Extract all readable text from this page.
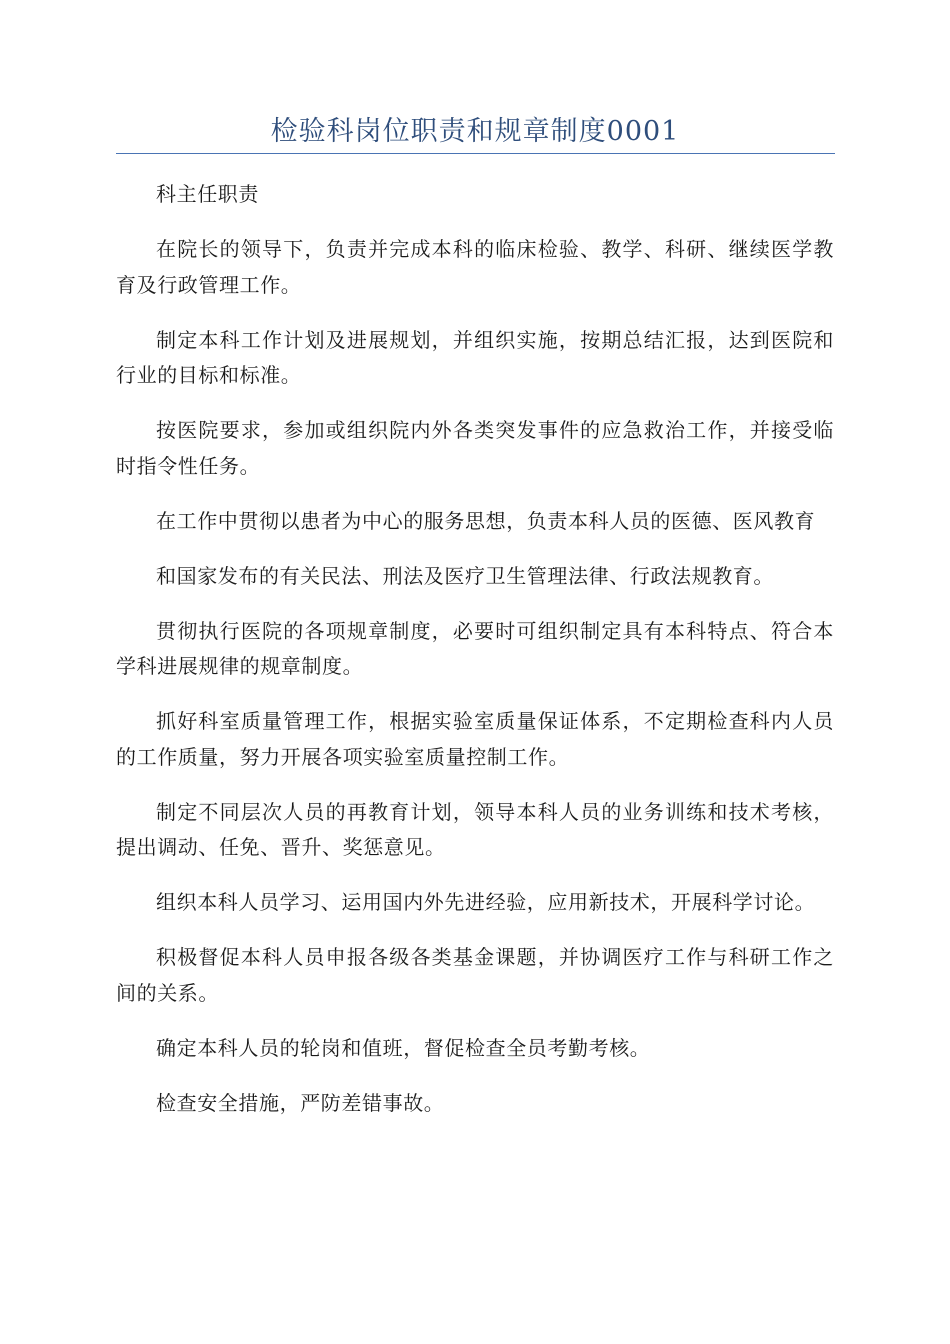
检验科岗位职责和规章制度0001

科主任职责

在院长的领导下，负责并完成本科的临床检验、教学、科研、继续医学教育及行政管理工作。

制定本科工作计划及进展规划，并组织实施，按期总结汇报，达到医院和行业的目标和标准。

按医院要求，参加或组织院内外各类突发事件的应急救治工作，并接受临时指令性任务。

在工作中贯彻以患者为中心的服务思想，负责本科人员的医德、医风教育

和国家发布的有关民法、刑法及医疗卫生管理法律、行政法规教育。

贯彻执行医院的各项规章制度，必要时可组织制定具有本科特点、符合本学科进展规律的规章制度。

抓好科室质量管理工作，根据实验室质量保证体系，不定期检查科内人员的工作质量，努力开展各项实验室质量控制工作。

制定不同层次人员的再教育计划，领导本科人员的业务训练和技术考核，提出调动、任免、晋升、奖惩意见。

组织本科人员学习、运用国内外先进经验，应用新技术，开展科学讨论。

积极督促本科人员申报各级各类基金课题，并协调医疗工作与科研工作之间的关系。

确定本科人员的轮岗和值班，督促检查全员考勤考核。

检查安全措施，严防差错事故。
